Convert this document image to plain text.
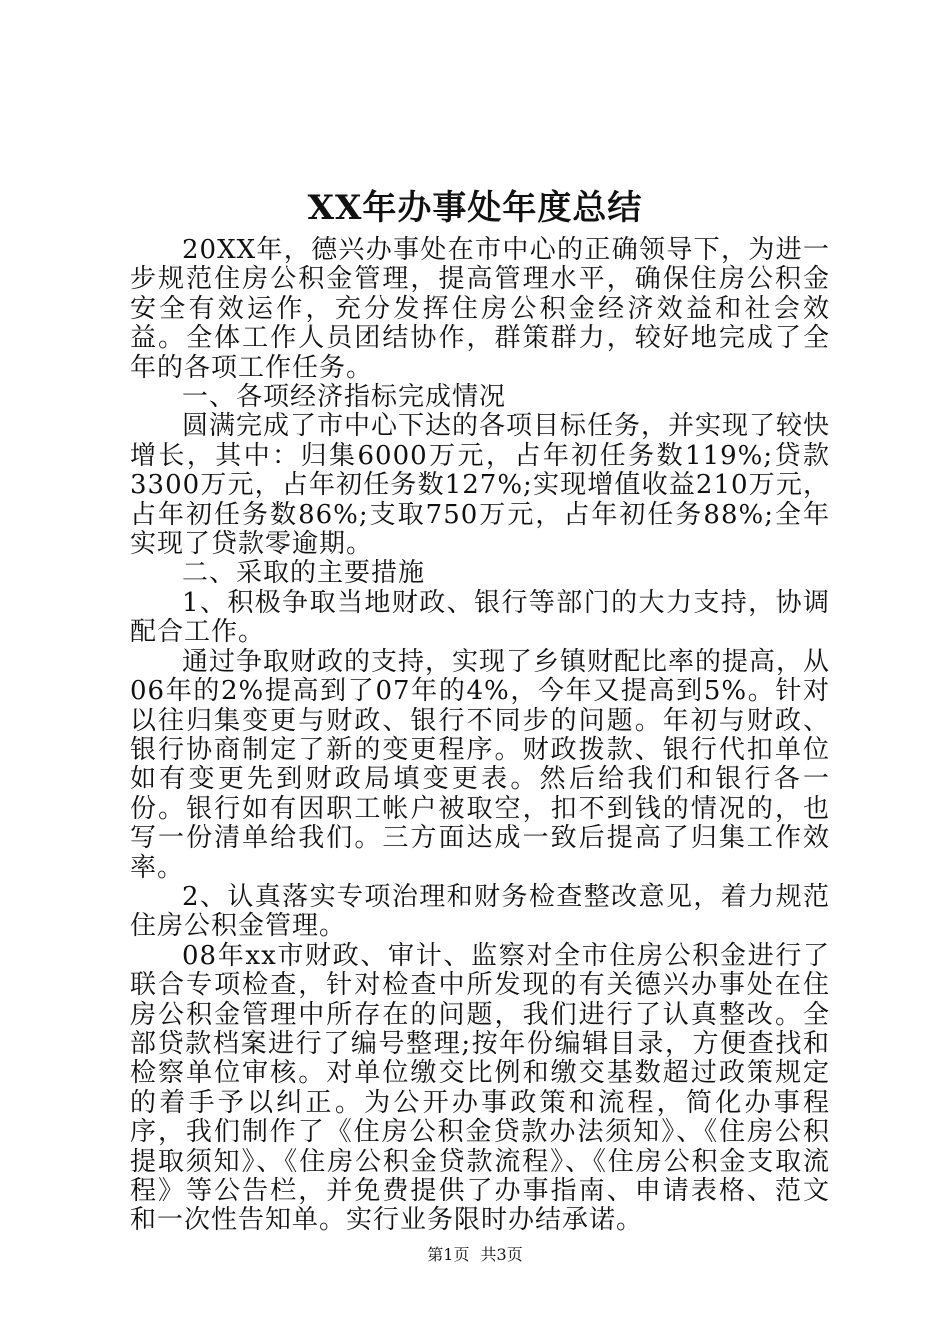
XX年办事处年度总结

20XX年，德兴办事处在市中心的正确领导下，为进一步规范住房公积金管理，提高管理水平，确保住房公积金安全有效运作，充分发挥住房公积金经济效益和社会效益。全体工作人员团结协作，群策群力，较好地完成了全年的各项工作任务。

一、各项经济指标完成情况

圆满完成了市中心下达的各项目标任务，并实现了较快增长，其中：归集6000万元，占年初任务数119%;贷款3300万元，占年初任务数127%;实现增值收益210万元，占年初任务数86%;支取750万元，占年初任务88%;全年实现了贷款零逾期。

二、采取的主要措施

1、积极争取当地财政、银行等部门的大力支持，协调配合工作。

通过争取财政的支持，实现了乡镇财配比率的提高，从06年的2%提高到了07年的4%，今年又提高到5%。针对以往归集变更与财政、银行不同步的问题。年初与财政、银行协商制定了新的变更程序。财政拨款、银行代扣单位如有变更先到财政局填变更表。然后给我们和银行各一份。银行如有因职工帐户被取空，扣不到钱的情况的，也写一份清单给我们。三方面达成一致后提高了归集工作效率。

2、认真落实专项治理和财务检查整改意见，着力规范住房公积金管理。

08年xx市财政、审计、监察对全市住房公积金进行了联合专项检查，针对检查中所发现的有关德兴办事处在住房公积金管理中所存在的问题，我们进行了认真整改。全部贷款档案进行了编号整理;按年份编辑目录，方便查找和检察单位审核。对单位缴交比例和缴交基数超过政策规定的着手予以纠正。为公开办事政策和流程，简化办事程序，我们制作了《住房公积金贷款办法须知》、《住房公积提取须知》、《住房公积金贷款流程》、《住房公积金支取流程》等公告栏，并免费提供了办事指南、申请表格、范文和一次性告知单。实行业务限时办结承诺。

第1页 共3页
